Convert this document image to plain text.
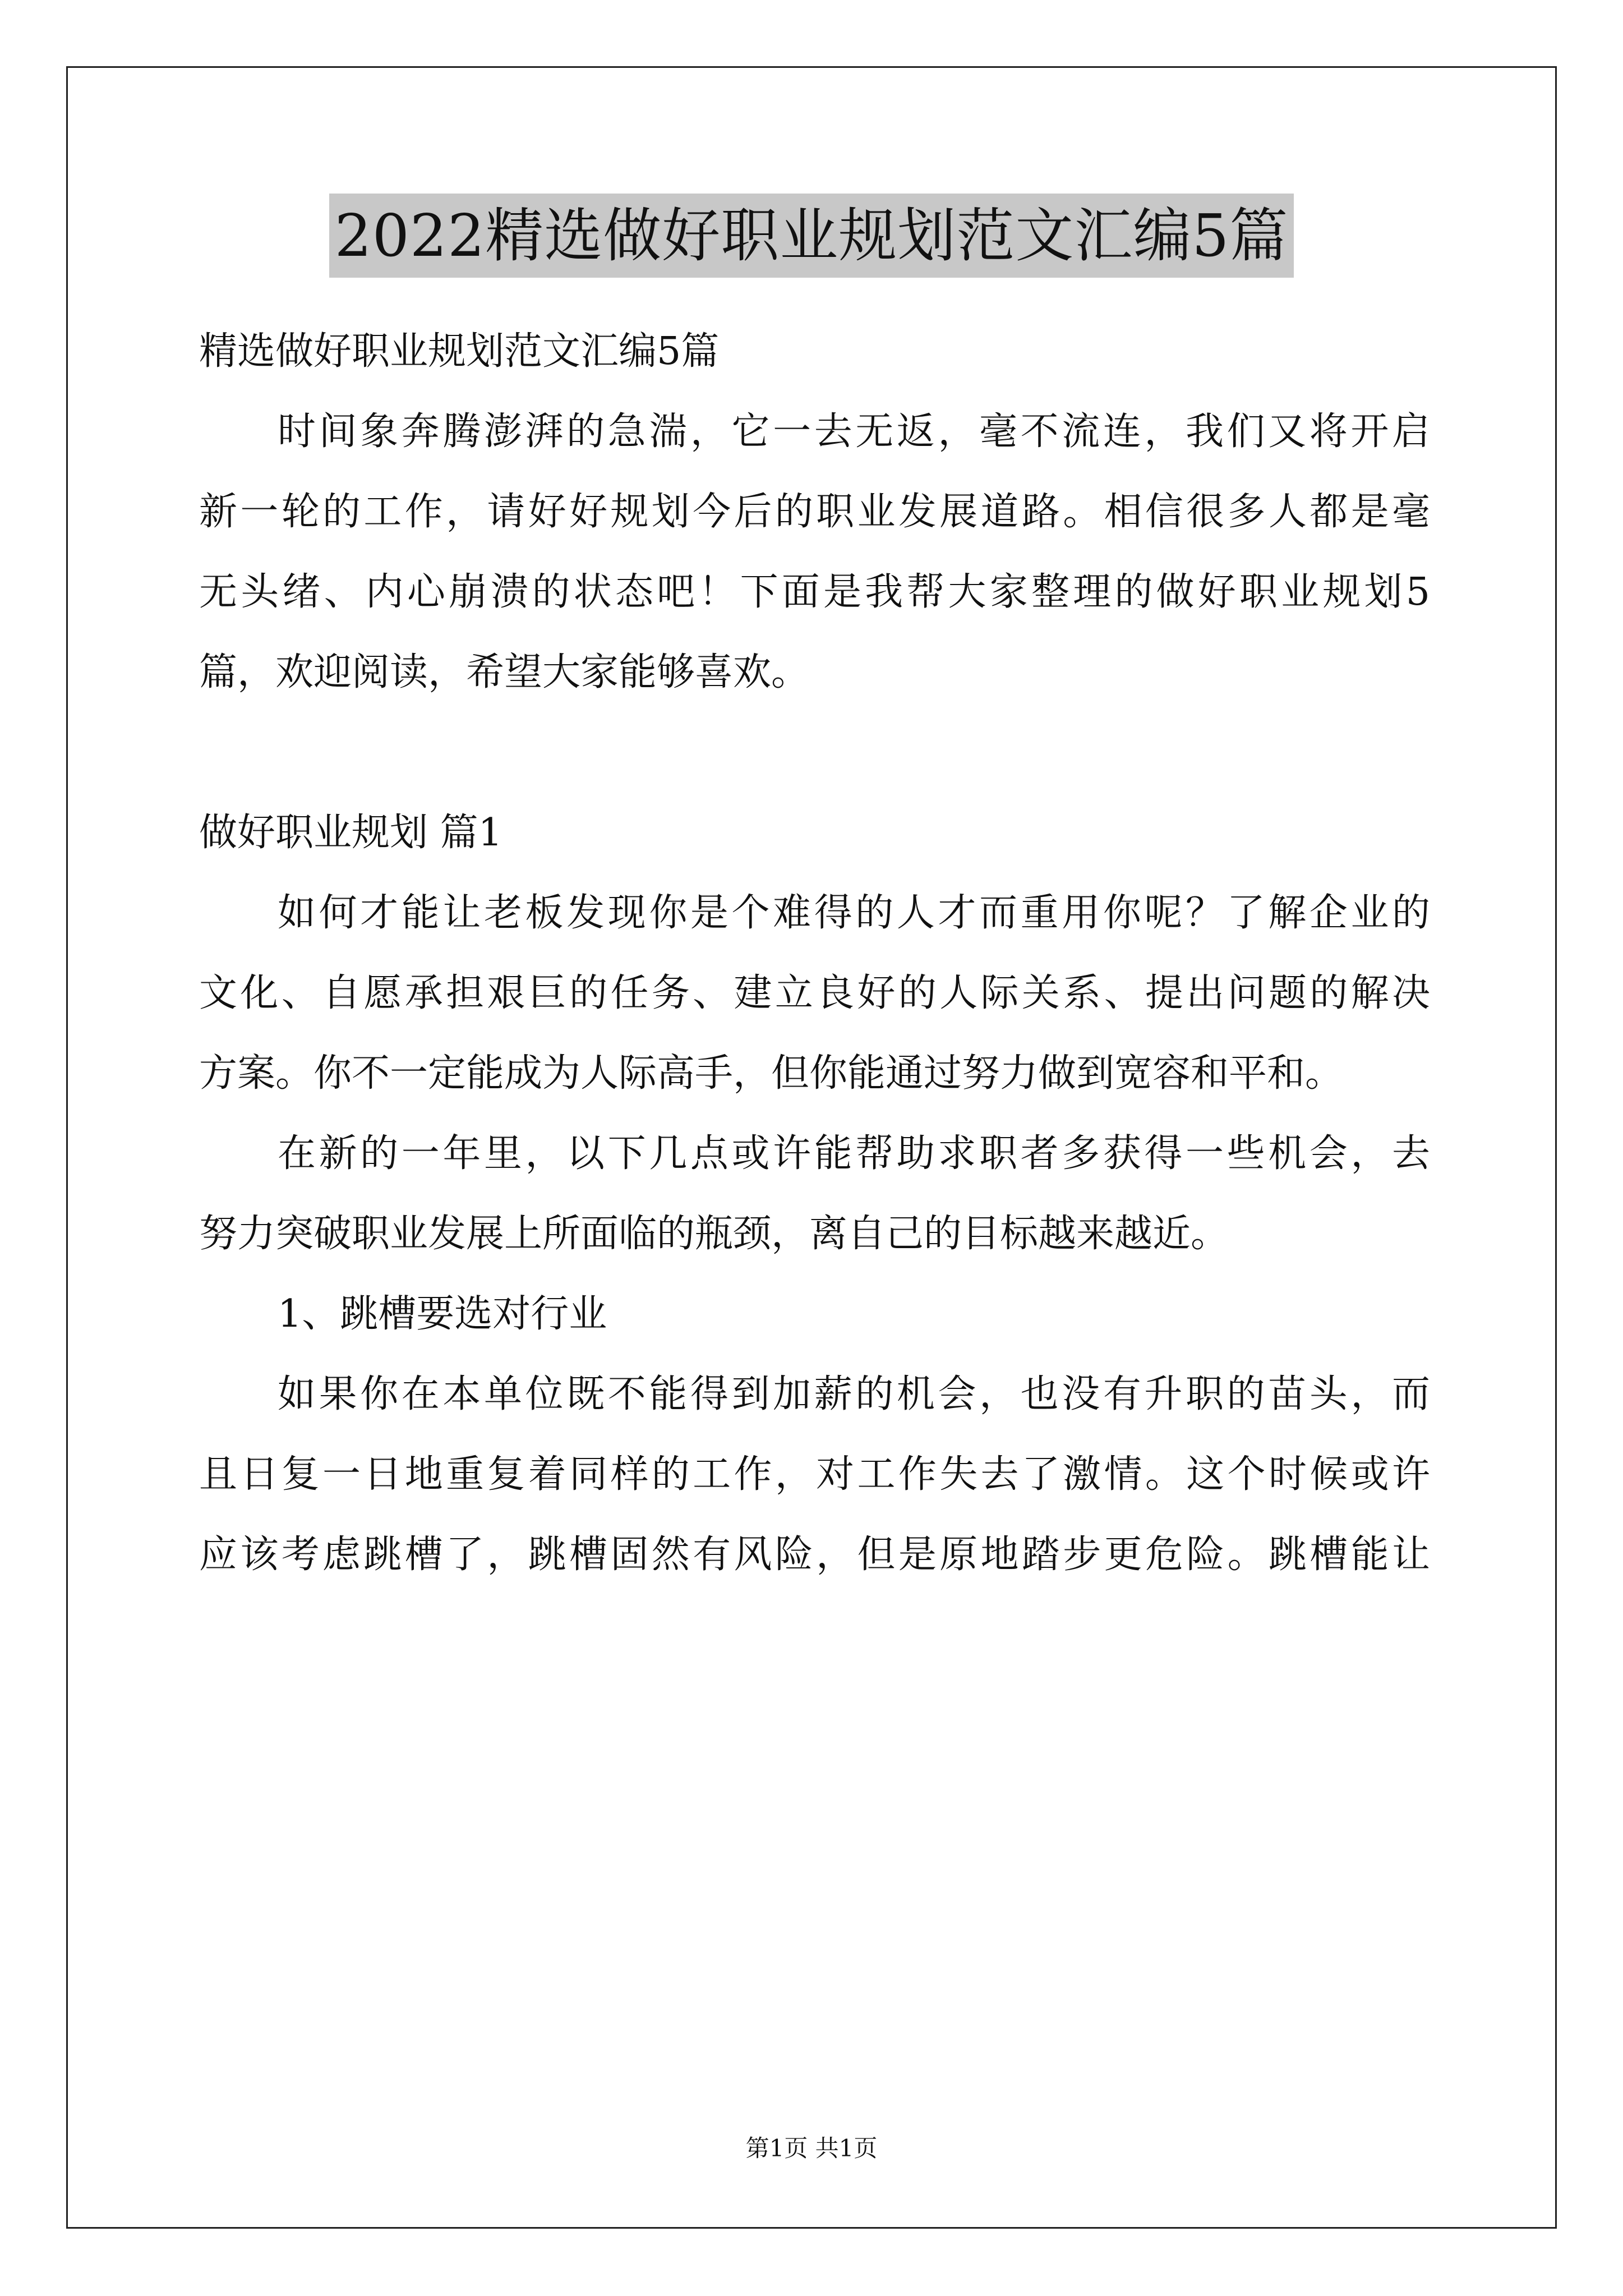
2022精选做好职业规划范文汇编5篇
精选做好职业规划范文汇编5篇
时间象奔腾澎湃的急湍，它一去无返，毫不流连，我们又将开启
新一轮的工作，请好好规划今后的职业发展道路。相信很多人都是毫
无头绪、内心崩溃的状态吧！下面是我帮大家整理的做好职业规划5
篇，欢迎阅读，希望大家能够喜欢。
做好职业规划 篇1
如何才能让老板发现你是个难得的人才而重用你呢？了解企业的
文化、自愿承担艰巨的任务、建立良好的人际关系、提出问题的解决
方案。你不一定能成为人际高手，但你能通过努力做到宽容和平和。
在新的一年里，以下几点或许能帮助求职者多获得一些机会，去
努力突破职业发展上所面临的瓶颈，离自己的目标越来越近。
1、跳槽要选对行业
如果你在本单位既不能得到加薪的机会，也没有升职的苗头，而
且日复一日地重复着同样的工作，对工作失去了激情。这个时候或许
应该考虑跳槽了，跳槽固然有风险，但是原地踏步更危险。跳槽能让
第1页 共1页
